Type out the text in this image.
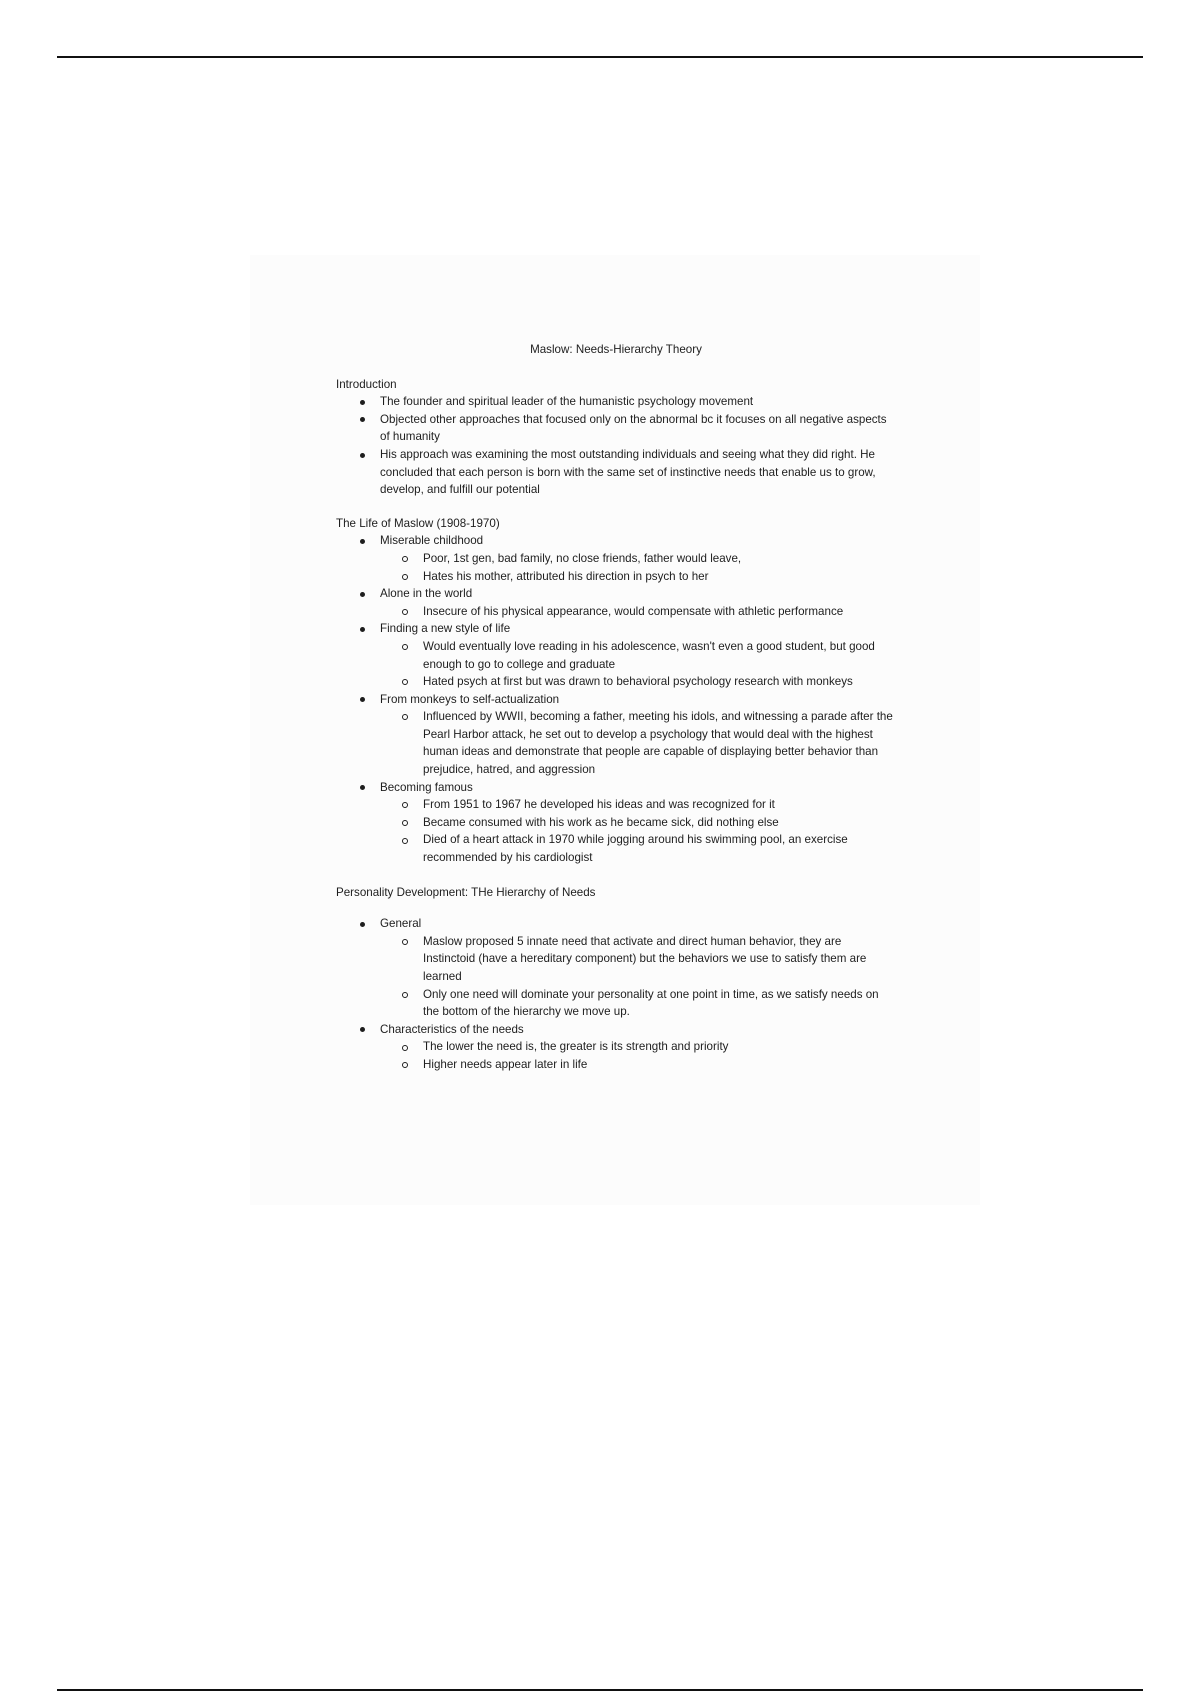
Maslow: Needs-Hierarchy Theory
Introduction
The founder and spiritual leader of the humanistic psychology movement
Objected other approaches that focused only on the abnormal bc it focuses on all negative aspects of humanity
His approach was examining the most outstanding individuals and seeing what they did right. He concluded that each person is born with the same set of instinctive needs that enable us to grow, develop, and fulfill our potential
The Life of Maslow (1908-1970)
Miserable childhood
Poor, 1st gen, bad family, no close friends, father would leave,
Hates his mother, attributed his direction in psych to her
Alone in the world
Insecure of his physical appearance, would compensate with athletic performance
Finding a new style of life
Would eventually love reading in his adolescence, wasn't even a good student, but good enough to go to college and graduate
Hated psych at first but was drawn to behavioral psychology research with monkeys
From monkeys to self-actualization
Influenced by WWII, becoming a father, meeting his idols, and witnessing a parade after the Pearl Harbor attack, he set out to develop a psychology that would deal with the highest human ideas and demonstrate that people are capable of displaying better behavior than prejudice, hatred, and aggression
Becoming famous
From 1951 to 1967 he developed his ideas and was recognized for it
Became consumed with his work as he became sick, did nothing else
Died of a heart attack in 1970 while jogging around his swimming pool, an exercise recommended by his cardiologist
Personality Development: THe Hierarchy of Needs
General
Maslow proposed 5 innate need that activate and direct human behavior, they are Instinctoid (have a hereditary component) but the behaviors we use to satisfy them are learned
Only one need will dominate your personality at one point in time, as we satisfy needs on the bottom of the hierarchy we move up.
Characteristics of the needs
The lower the need is, the greater is its strength and priority
Higher needs appear later in life
